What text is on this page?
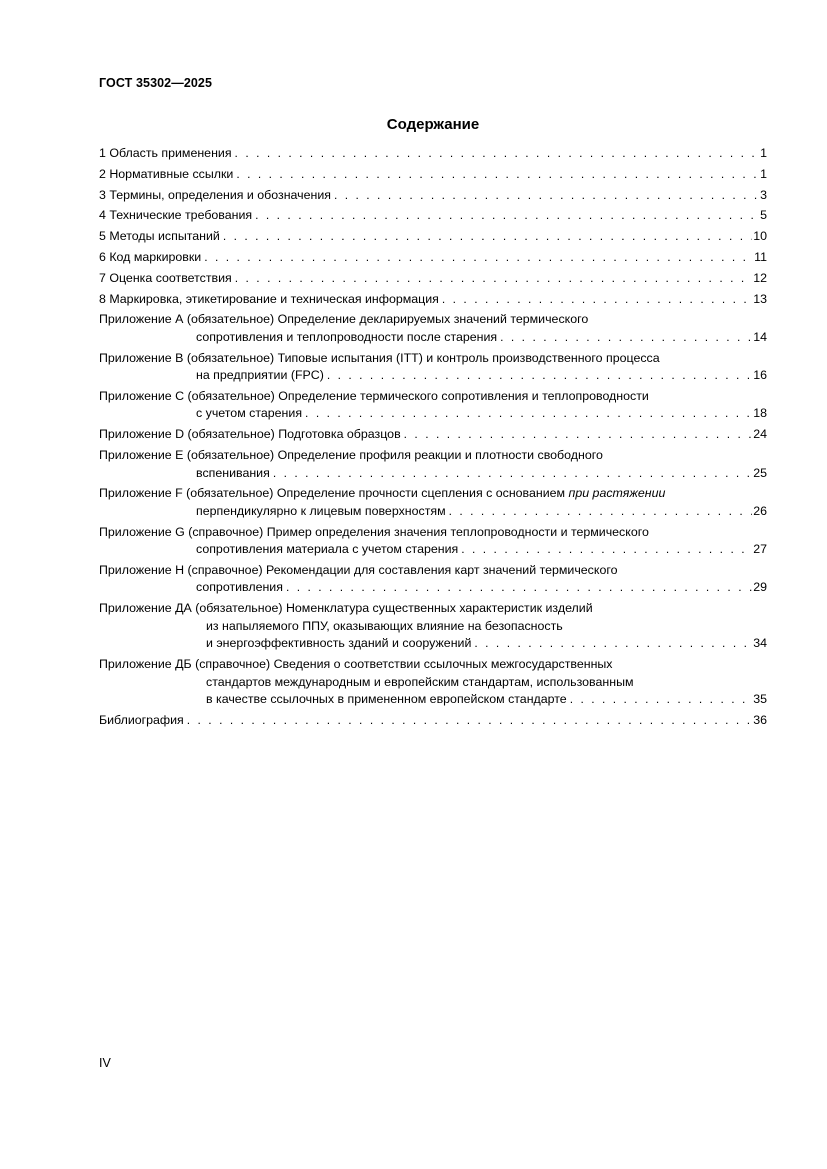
ГОСТ 35302—2025
Содержание
1 Область применения . . .	1
2 Нормативные ссылки . . .	1
3 Термины, определения и обозначения . . .	3
4 Технические требования . . .	5
5 Методы испытаний . . .	10
6 Код маркировки . . .	11
7 Оценка соответствия . . .	12
8 Маркировка, этикетирование и техническая информация . . .	13
Приложение А (обязательное) Определение декларируемых значений термического
сопротивления и теплопроводности после старения . . .	14
Приложение В (обязательное) Типовые испытания (ITT) и контроль производственного процесса
на предприятии (FPC) . . .	16
Приложение С (обязательное) Определение термического сопротивления и теплопроводности
с учетом старения . . .	18
Приложение D (обязательное) Подготовка образцов . . .	24
Приложение Е (обязательное) Определение профиля реакции и плотности свободного
вспенивания . . .	25
Приложение F (обязательное) Определение прочности сцепления с основанием при растяжении
перпендикулярно к лицевым поверхностям . . .	26
Приложение G (справочное) Пример определения значения теплопроводности и термического
сопротивления материала с учетом старения . . .	27
Приложение Н (справочное) Рекомендации для составления карт значений термического
сопротивления . . .	29
Приложение ДА (обязательное) Номенклатура существенных характеристик изделий
из напыляемого ППУ, оказывающих влияние на безопасность
и энергоэффективность зданий и сооружений . . .	34
Приложение ДБ (справочное) Сведения о соответствии ссылочных межгосударственных
стандартов международным и европейским стандартам, использованным
в качестве ссылочных в примененном европейском стандарте . . .	35
Библиография . . .	36
IV
